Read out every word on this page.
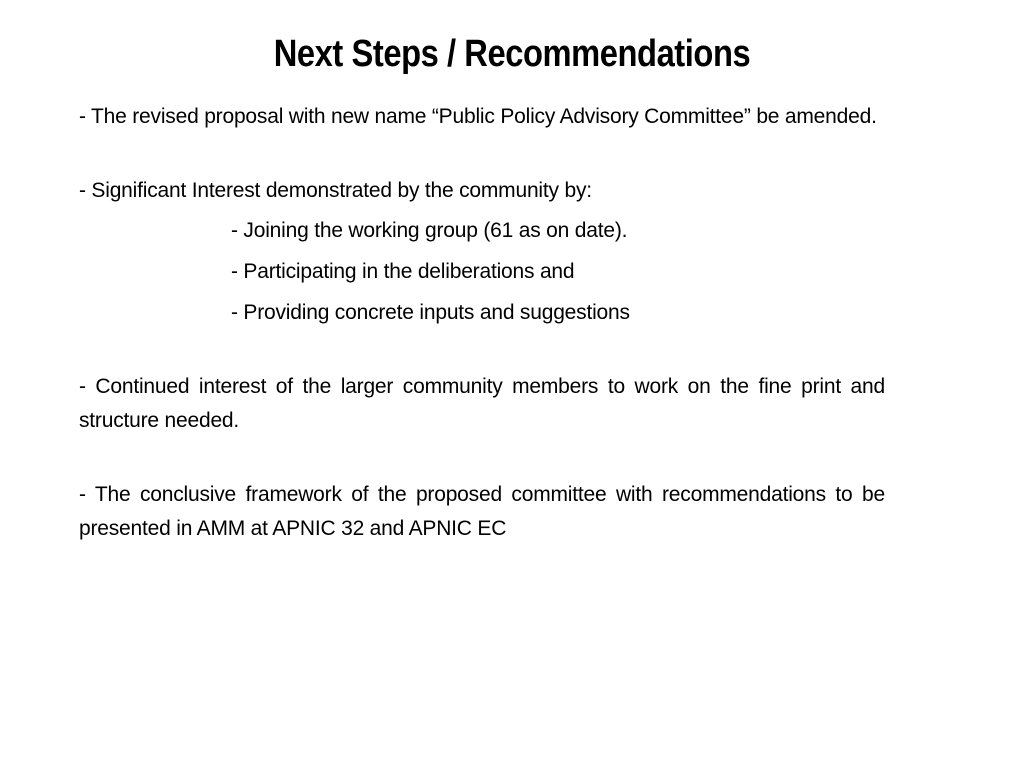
Next Steps / Recommendations

- The revised proposal with new name “Public Policy Advisory Committee” be amended.

- Significant Interest demonstrated by the community by:

- Joining the working group (61 as on date).

- Participating in the deliberations and

- Providing concrete inputs and suggestions

- Continued interest of the larger community members to work on the fine print and structure needed.

- The conclusive framework of the proposed committee with recommendations to be presented in AMM at APNIC 32 and APNIC EC
